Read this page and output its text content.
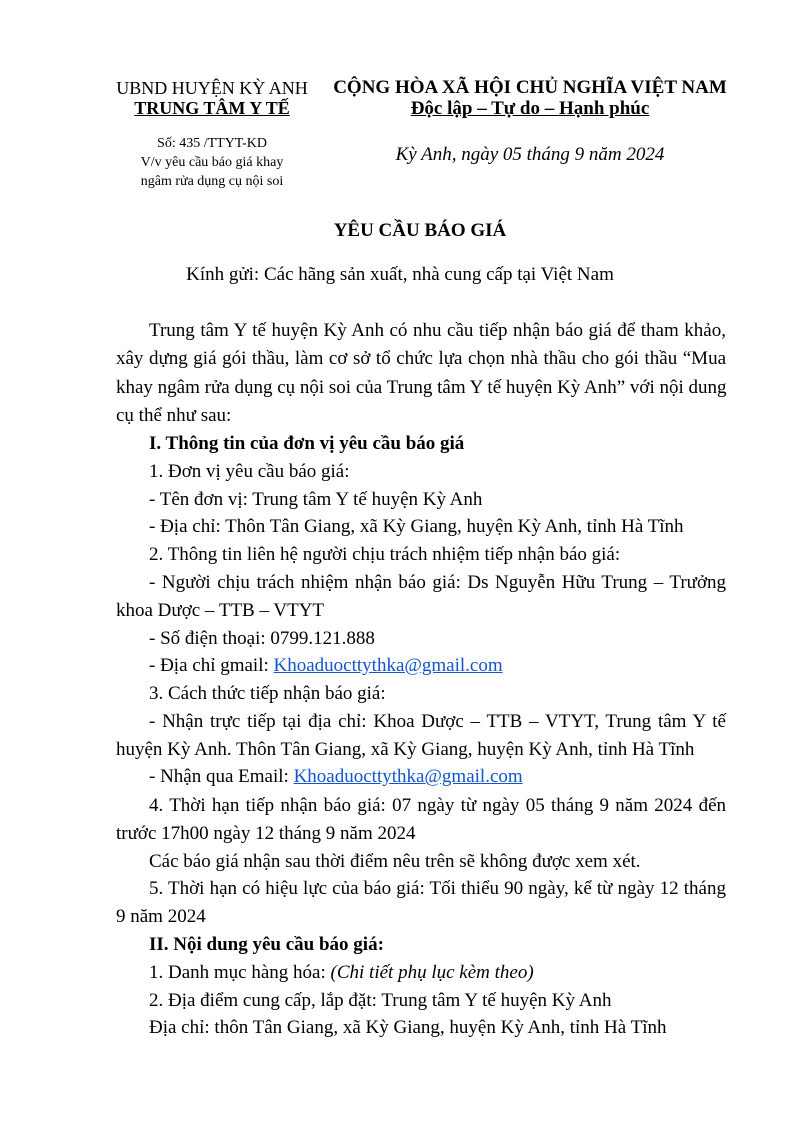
UBND HUYỆN KỲ ANH
TRUNG TÂM Y TẾ
Số: 435 /TTYT-KD
V/v yêu cầu báo giá khay
ngâm rửa dụng cụ nội soi
CỘNG HÒA XÃ HỘI CHỦ NGHĨA VIỆT NAM
Độc lập – Tự do – Hạnh phúc
Kỳ Anh, ngày 05 tháng 9 năm 2024
YÊU CẦU BÁO GIÁ
Kính gửi: Các hãng sản xuất, nhà cung cấp tại Việt Nam
Trung tâm Y tế huyện Kỳ Anh có nhu cầu tiếp nhận báo giá để tham khảo,
xây dựng giá gói thầu, làm cơ sở tổ chức lựa chọn nhà thầu cho gói thầu “Mua
khay ngâm rửa dụng cụ nội soi của Trung tâm Y tế huyện Kỳ Anh” với nội dung
cụ thể như sau:
I. Thông tin của đơn vị yêu cầu báo giá
1. Đơn vị yêu cầu báo giá:
- Tên đơn vị: Trung tâm Y tế huyện Kỳ Anh
- Địa chỉ: Thôn Tân Giang, xã Kỳ Giang, huyện Kỳ Anh, tỉnh Hà Tĩnh
2. Thông tin liên hệ người chịu trách nhiệm tiếp nhận báo giá:
- Người chịu trách nhiệm nhận báo giá: Ds Nguyễn Hữu Trung – Trưởng
khoa Dược – TTB – VTYT
- Số điện thoại: 0799.121.888
- Địa chỉ gmail: Khoaduocttythka@gmail.com
3. Cách thức tiếp nhận báo giá:
- Nhận trực tiếp tại địa chỉ: Khoa Dược – TTB – VTYT, Trung tâm Y tế
huyện Kỳ Anh. Thôn Tân Giang, xã Kỳ Giang, huyện Kỳ Anh, tỉnh Hà Tĩnh
- Nhận qua Email: Khoaduocttythka@gmail.com
4. Thời hạn tiếp nhận báo giá: 07 ngày từ ngày 05 tháng 9 năm 2024 đến
trước 17h00 ngày 12 tháng 9 năm 2024
Các báo giá nhận sau thời điểm nêu trên sẽ không được xem xét.
5. Thời hạn có hiệu lực của báo giá: Tối thiểu 90 ngày, kể từ ngày 12 tháng
9 năm 2024
II. Nội dung yêu cầu báo giá:
1. Danh mục hàng hóa: (Chi tiết phụ lục kèm theo)
2. Địa điểm cung cấp, lắp đặt: Trung tâm Y tế huyện Kỳ Anh
Địa chỉ: thôn Tân Giang, xã Kỳ Giang, huyện Kỳ Anh, tỉnh Hà Tĩnh
